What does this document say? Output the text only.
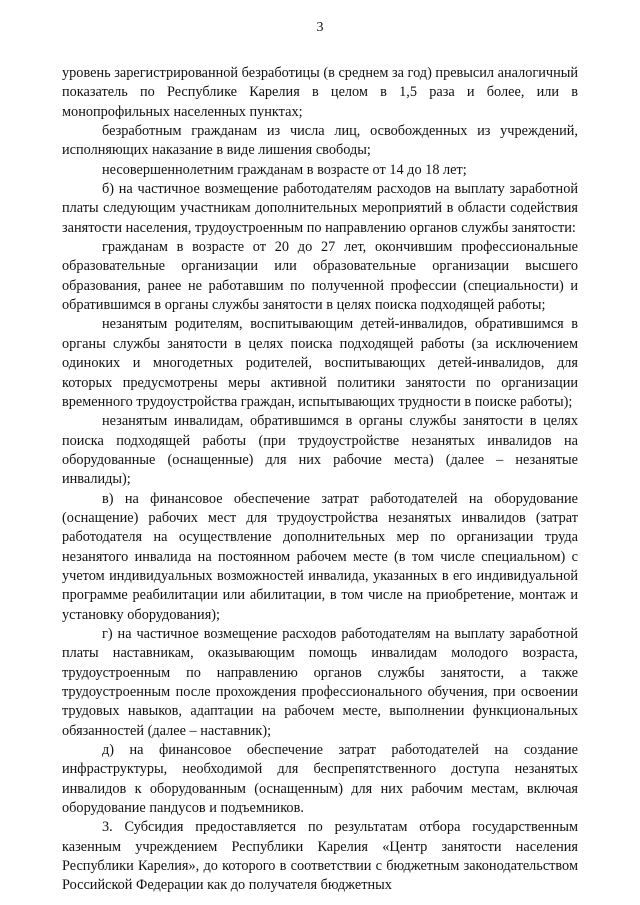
3

уровень зарегистрированной безработицы (в среднем за год) превысил аналогичный показатель по Республике Карелия в целом в 1,5 раза и более, или в монопрофильных населенных пунктах;

безработным гражданам из числа лиц, освобожденных из учреждений, исполняющих наказание в виде лишения свободы;

несовершеннолетним гражданам в возрасте от 14 до 18 лет;

б) на частичное возмещение работодателям расходов на выплату заработной платы следующим участникам дополнительных мероприятий в области содействия занятости населения, трудоустроенным по направлению органов службы занятости:

гражданам в возрасте от 20 до 27 лет, окончившим профессиональные образовательные организации или образовательные организации высшего образования, ранее не работавшим по полученной профессии (специальности) и обратившимся в органы службы занятости в целях поиска подходящей работы;

незанятым родителям, воспитывающим детей-инвалидов, обратившимся в органы службы занятости в целях поиска подходящей работы (за исключением одиноких и многодетных родителей, воспитывающих детей-инвалидов, для которых предусмотрены меры активной политики занятости по организации временного трудоустройства граждан, испытывающих трудности в поиске работы);

незанятым инвалидам, обратившимся в органы службы занятости в целях поиска подходящей работы (при трудоустройстве незанятых инвалидов на оборудованные (оснащенные) для них рабочие места) (далее – незанятые инвалиды);

в) на финансовое обеспечение затрат работодателей на оборудование (оснащение) рабочих мест для трудоустройства незанятых инвалидов (затрат работодателя на осуществление дополнительных мер по организации труда незанятого инвалида на постоянном рабочем месте (в том числе специальном) с учетом индивидуальных возможностей инвалида, указанных в его индивидуальной программе реабилитации или абилитации, в том числе на приобретение, монтаж и установку оборудования);

г) на частичное возмещение расходов работодателям на выплату заработной платы наставникам, оказывающим помощь инвалидам молодого возраста, трудоустроенным по направлению органов службы занятости, а также трудоустроенным после прохождения профессионального обучения, при освоении трудовых навыков, адаптации на рабочем месте, выполнении функциональных обязанностей (далее – наставник);

д) на финансовое обеспечение затрат работодателей на создание инфраструктуры, необходимой для беспрепятственного доступа незанятых инвалидов к оборудованным (оснащенным) для них рабочим местам, включая оборудование пандусов и подъемников.

3. Субсидия предоставляется по результатам отбора государственным казенным учреждением Республики Карелия «Центр занятости населения Республики Карелия», до которого в соответствии с бюджетным законодательством Российской Федерации как до получателя бюджетных
